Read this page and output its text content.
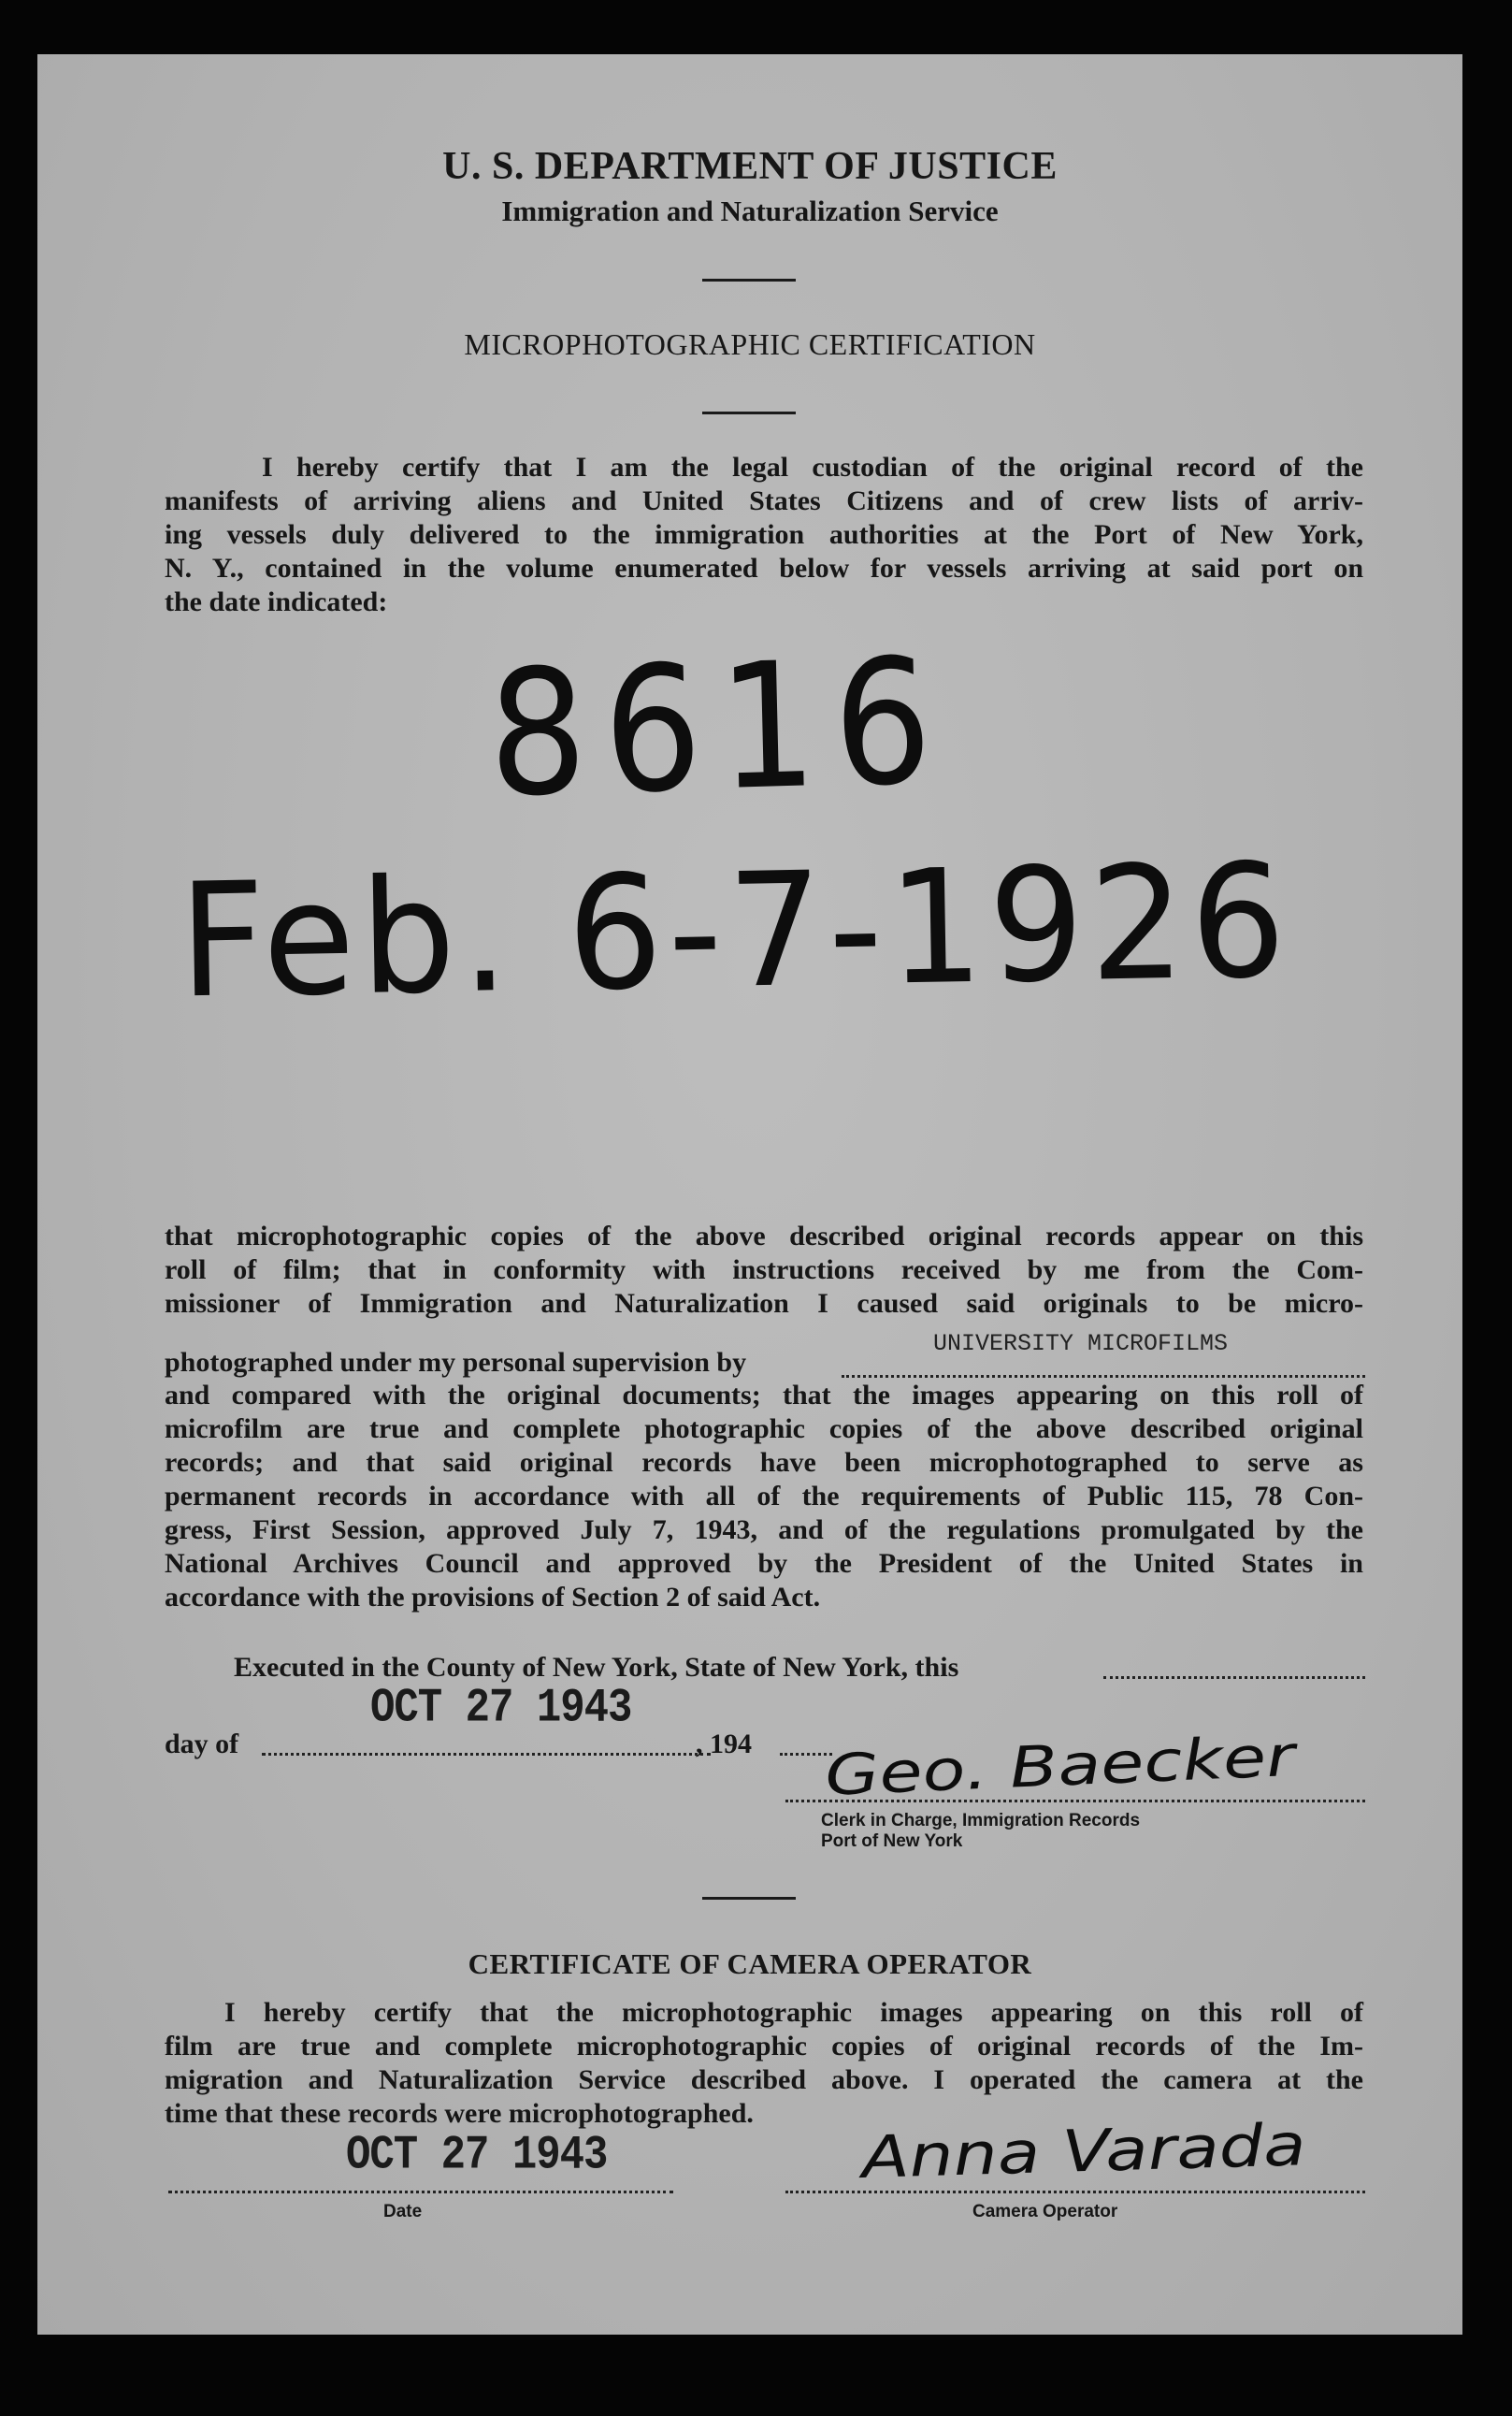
U. S. DEPARTMENT OF JUSTICE
Immigration and Naturalization Service
MICROPHOTOGRAPHIC CERTIFICATION
I hereby certify that I am the legal custodian of the original record of the
manifests of arriving aliens and United States Citizens and of crew lists of arriv-
ing vessels duly delivered to the immigration authorities at the Port of New York,
N. Y., contained in the volume enumerated below for vessels arriving at said port on
the date indicated:
8616
Feb. 6-7-1926
that microphotographic copies of the above described original records appear on this
roll of film; that in conformity with instructions received by me from the Com-
missioner of Immigration and Naturalization I caused said originals to be micro-
photographed under my personal supervision by
UNIVERSITY MICROFILMS
and compared with the original documents; that the images appearing on this roll of
microfilm are true and complete photographic copies of the above described original
records; and that said original records have been microphotographed to serve as
permanent records in accordance with all of the requirements of Public 115, 78 Con-
gress, First Session, approved July 7, 1943, and of the regulations promulgated by the
National Archives Council and approved by the President of the United States in
accordance with the provisions of Section 2 of said Act.
Executed in the County of New York, State of New York, this
day of	, 194
OCT 27 1943
Geo. Baecker
Clerk in Charge, Immigration Records
Port of New York
CERTIFICATE OF CAMERA OPERATOR
I hereby certify that the microphotographic images appearing on this roll of
film are true and complete microphotographic copies of original records of the Im-
migration and Naturalization Service described above. I operated the camera at the
time that these records were microphotographed.
OCT 27 1943
Date
Anna Varada
Camera Operator
